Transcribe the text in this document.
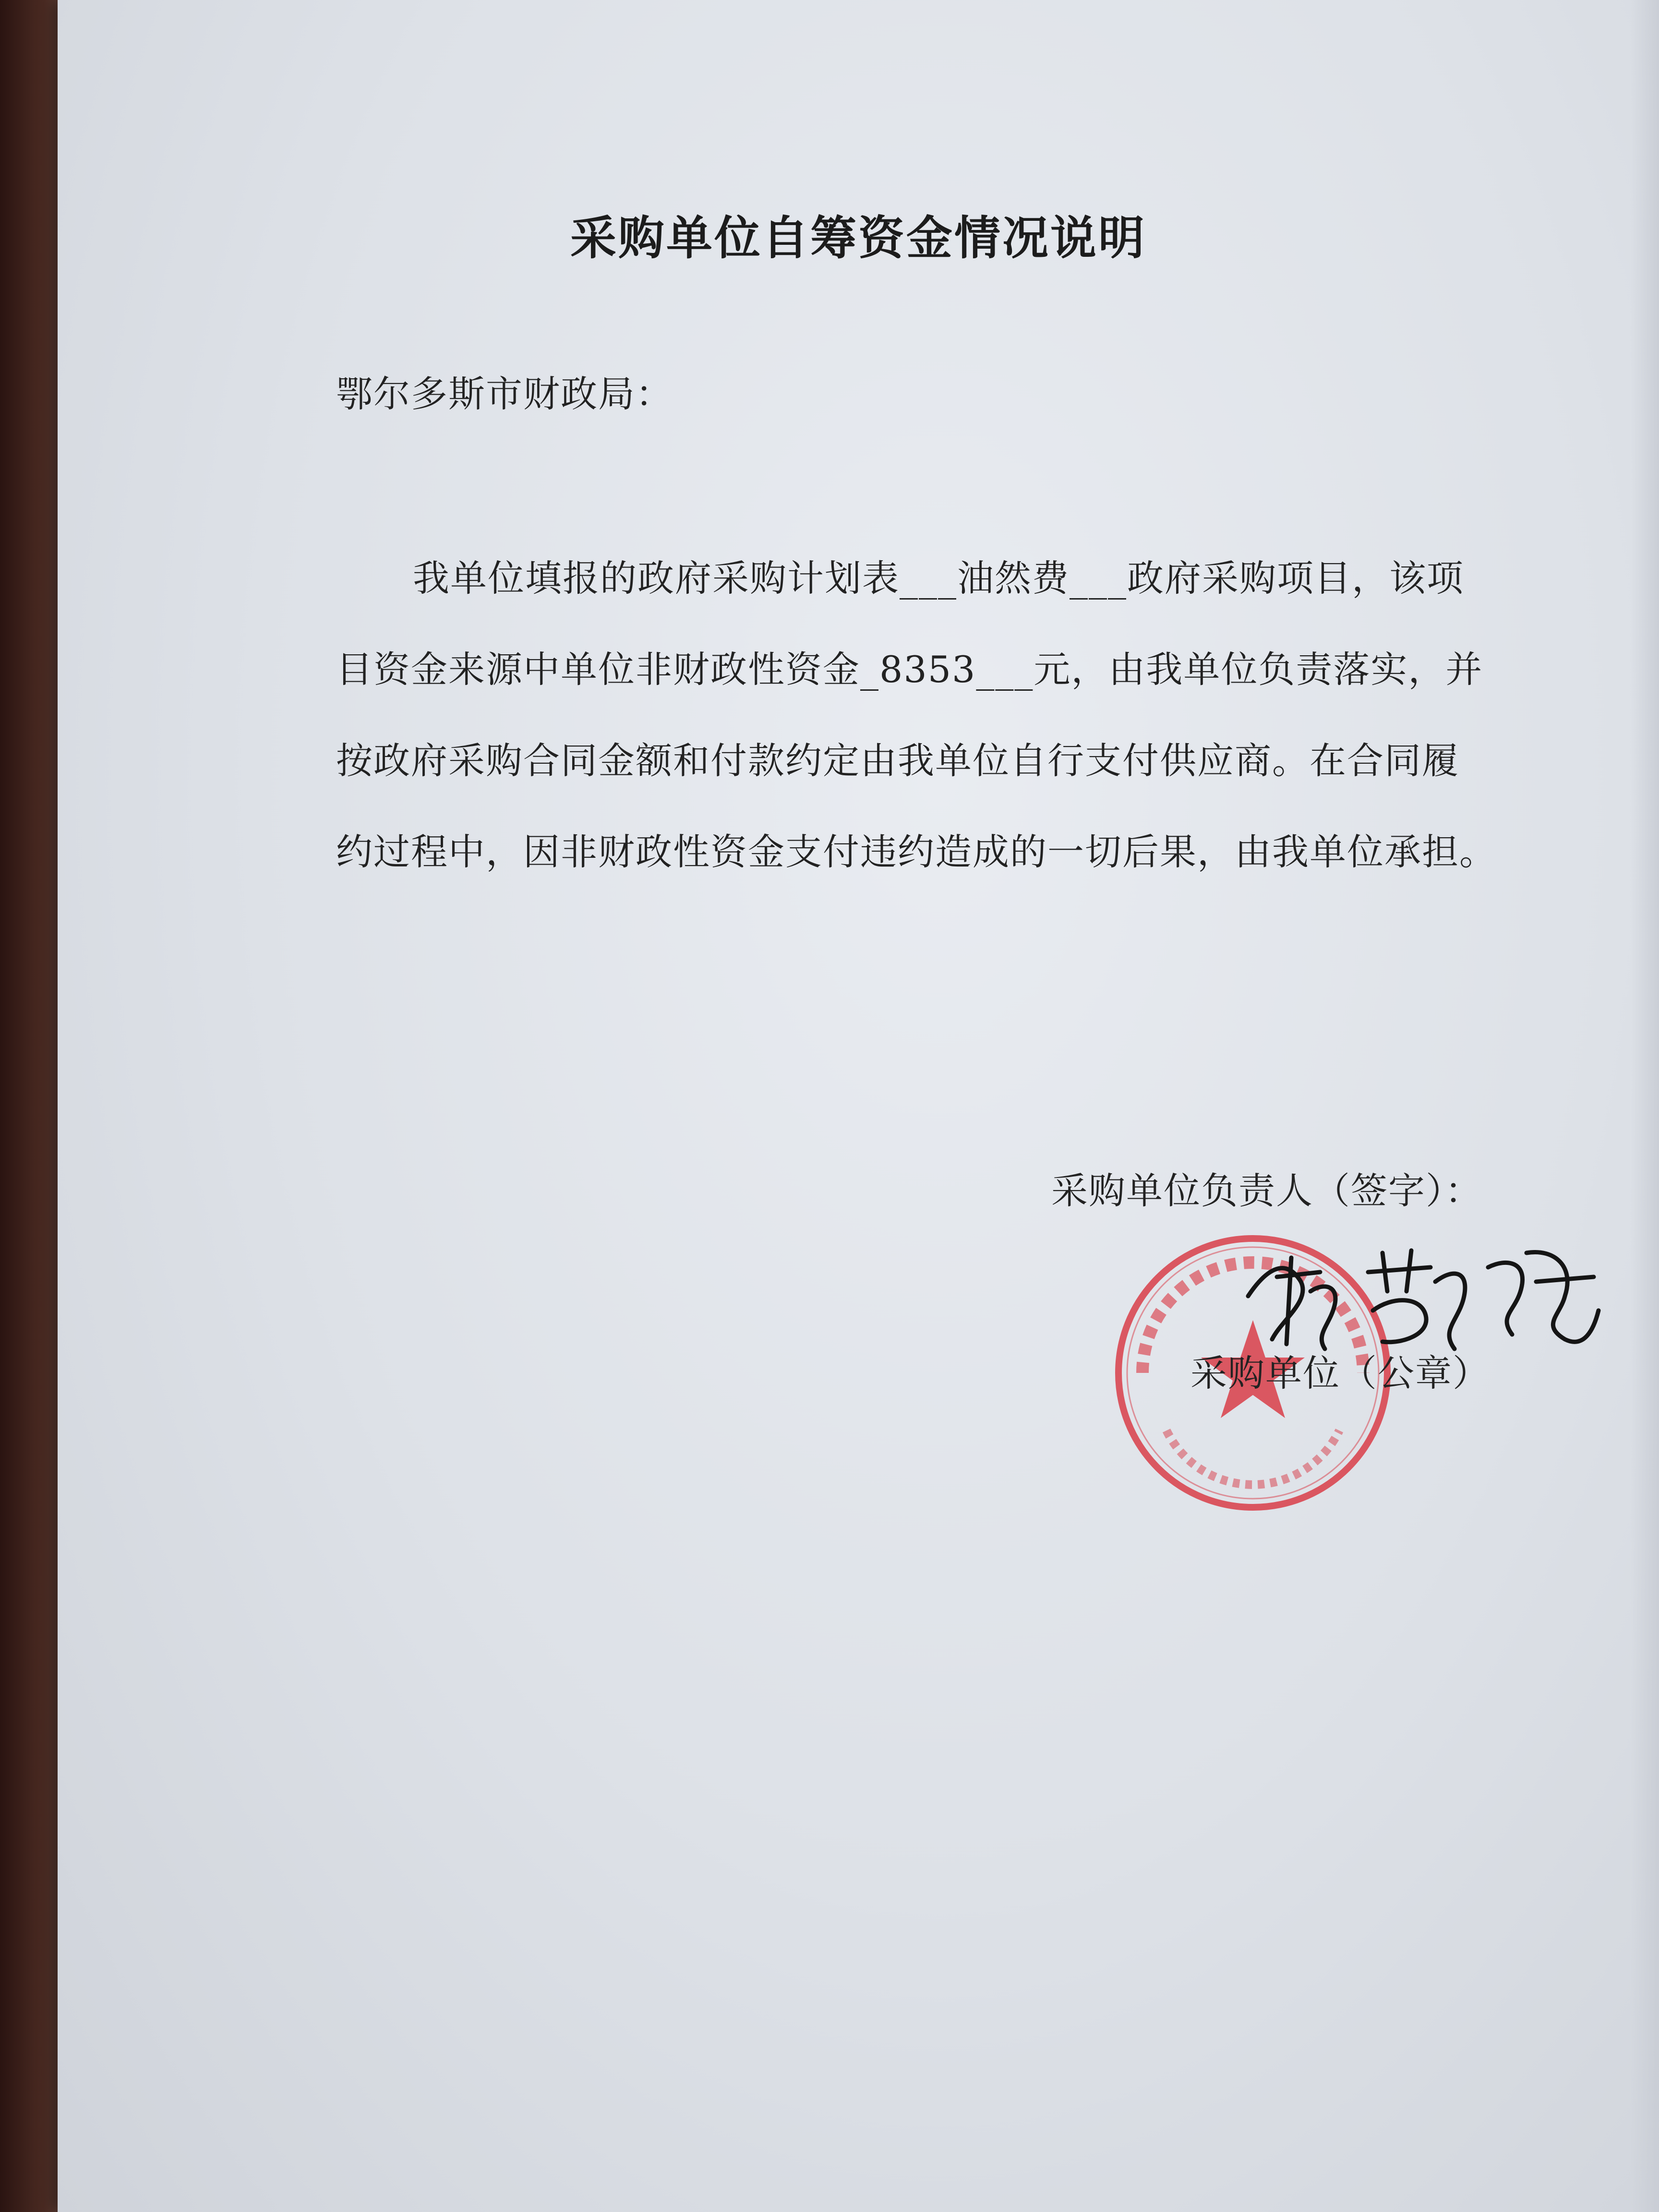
采购单位自筹资金情况说明
鄂尔多斯市财政局：
我单位填报的政府采购计划表___油然费___政府采购项目，该项
目资金来源中单位非财政性资金_8353___元，由我单位负责落实，并
按政府采购合同金额和付款约定由我单位自行支付供应商。在合同履
约过程中，因非财政性资金支付违约造成的一切后果，由我单位承担。
采购单位负责人（签字）：
采购单位（公章）
